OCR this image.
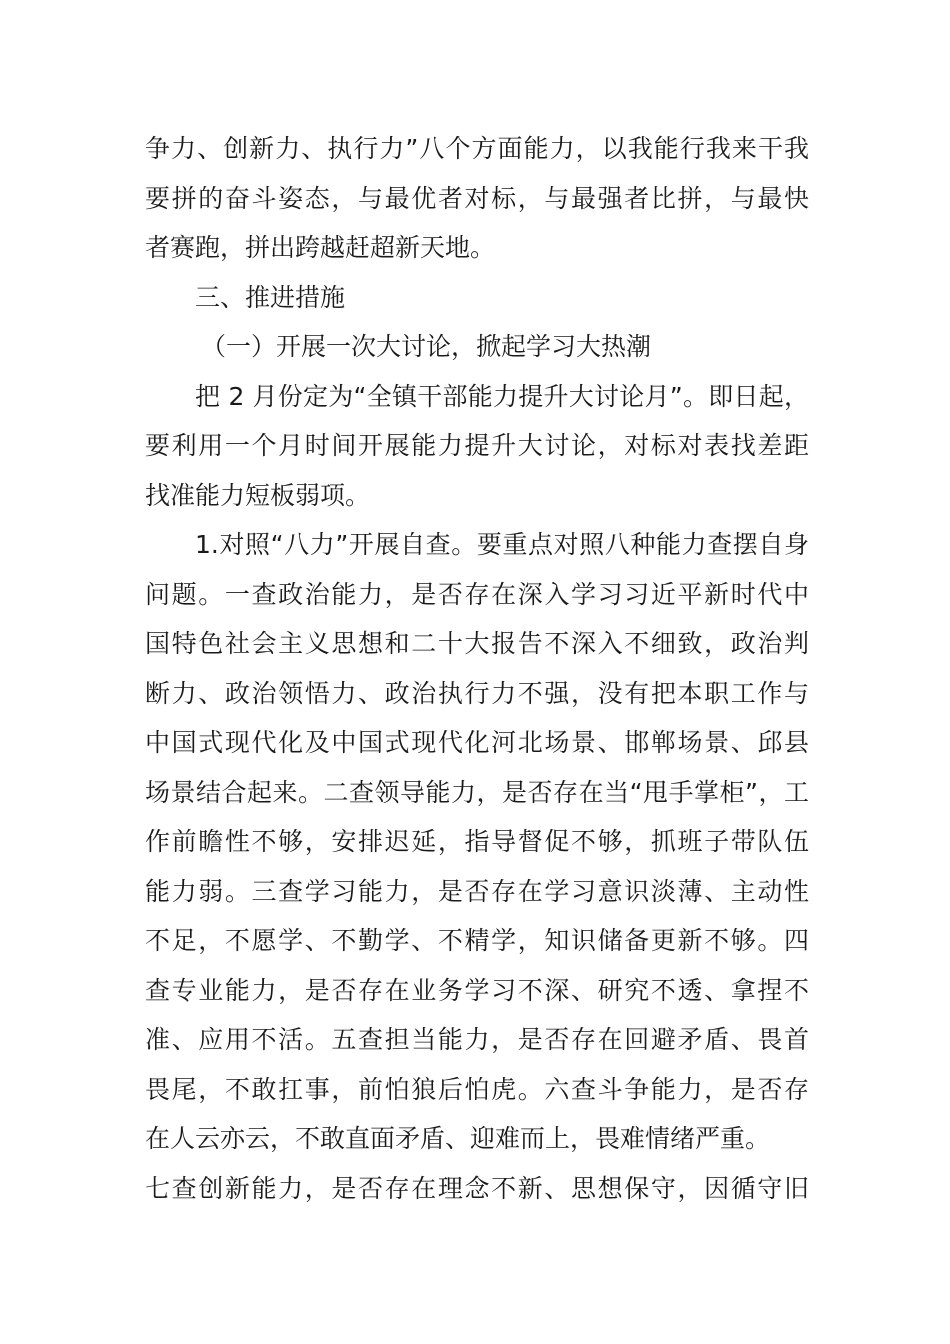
争力、创新力、执行力”八个方面能力，以我能行我来干我
要拼的奋斗姿态，与最优者对标，与最强者比拼，与最快
者赛跑，拼出跨越赶超新天地。
三、推进措施
（一）开展一次大讨论，掀起学习大热潮
把 2 月份定为“全镇干部能力提升大讨论月”。即日起，
要利用一个月时间开展能力提升大讨论，对标对表找差距
找准能力短板弱项。
1.对照“八力”开展自查。要重点对照八种能力查摆自身
问题。一查政治能力，是否存在深入学习习近平新时代中
国特色社会主义思想和二十大报告不深入不细致，政治判
断力、政治领悟力、政治执行力不强，没有把本职工作与
中国式现代化及中国式现代化河北场景、邯郸场景、邱县
场景结合起来。二查领导能力，是否存在当“甩手掌柜”，工
作前瞻性不够，安排迟延，指导督促不够，抓班子带队伍
能力弱。三查学习能力，是否存在学习意识淡薄、主动性
不足，不愿学、不勤学、不精学，知识储备更新不够。四
查专业能力，是否存在业务学习不深、研究不透、拿捏不
准、应用不活。五查担当能力，是否存在回避矛盾、畏首
畏尾，不敢扛事，前怕狼后怕虎。六查斗争能力，是否存
在人云亦云，不敢直面矛盾、迎难而上，畏难情绪严重。
七查创新能力，是否存在理念不新、思想保守，因循守旧
